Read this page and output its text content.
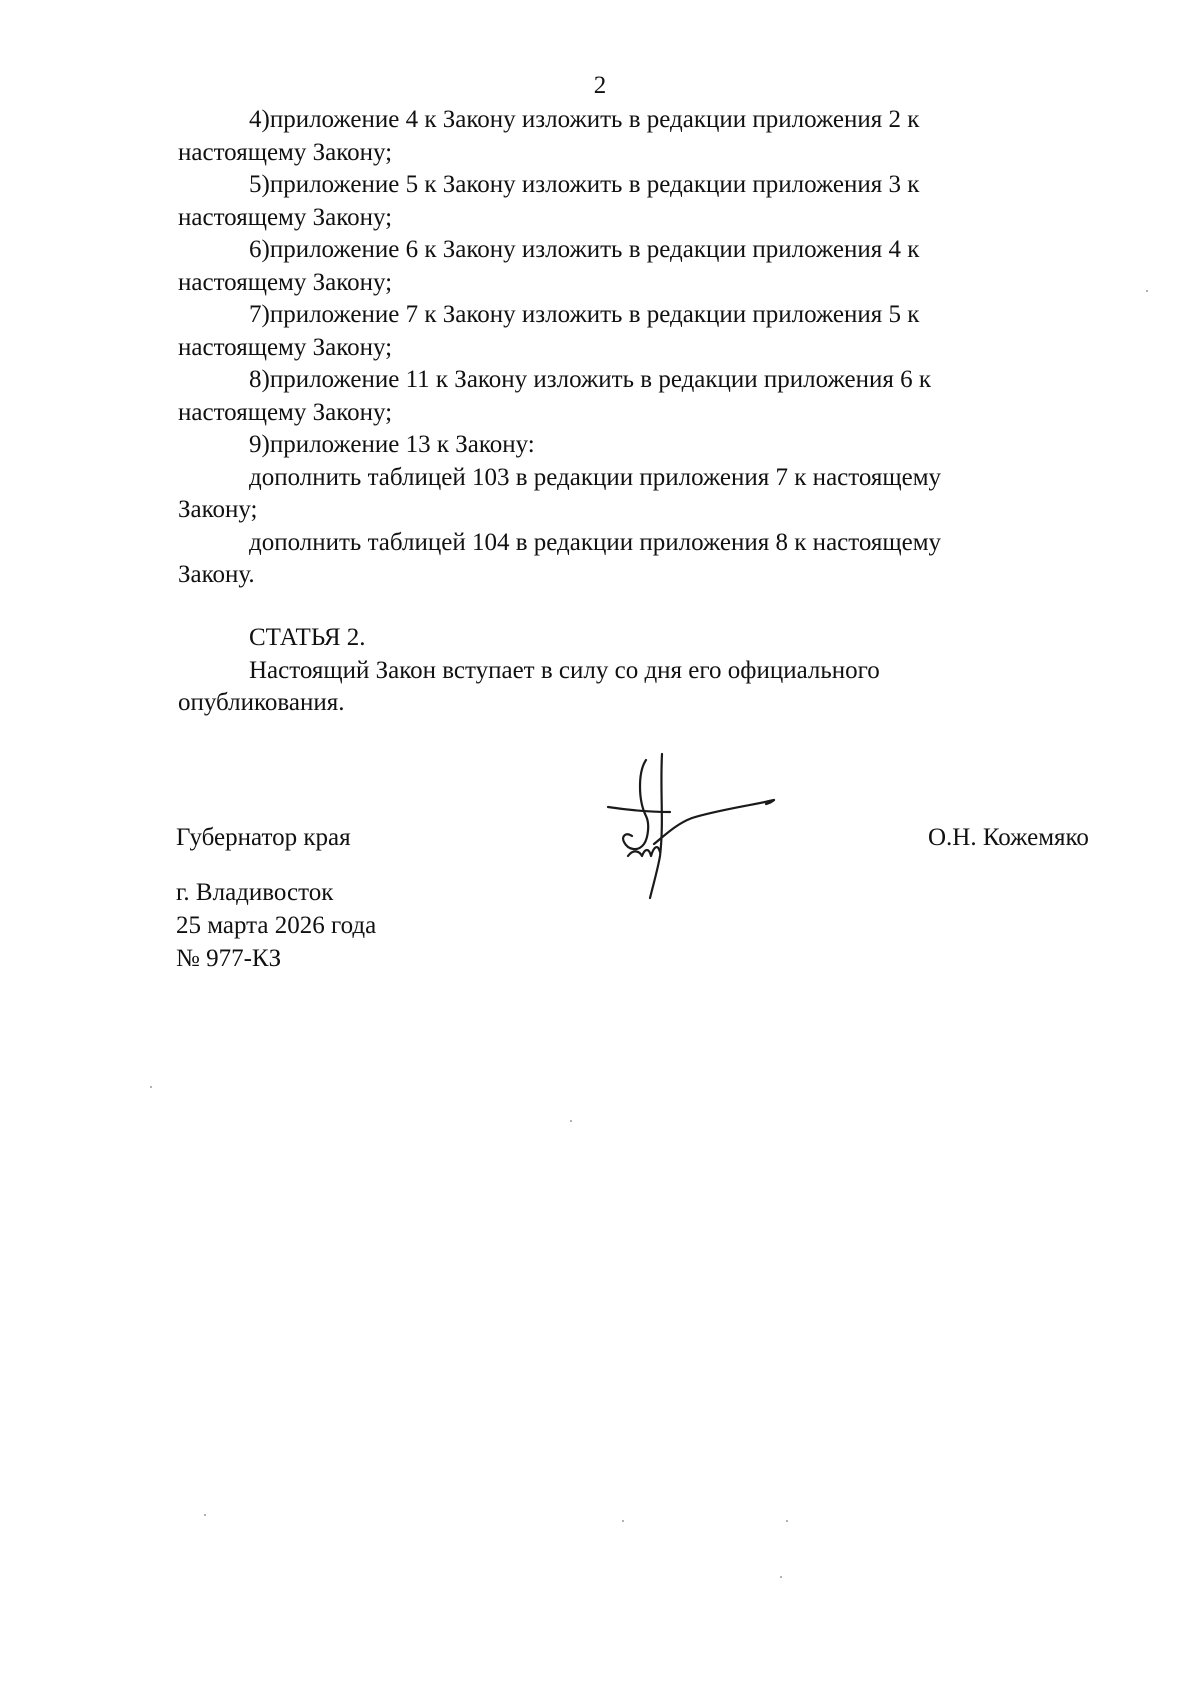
2

4)приложение 4 к Закону изложить в редакции приложения 2 к
настоящему Закону;

5)приложение 5 к Закону изложить в редакции приложения 3 к
настоящему Закону;

6)приложение 6 к Закону изложить в редакции приложения 4 к
настоящему Закону;

7)приложение 7 к Закону изложить в редакции приложения 5 к
настоящему Закону;

8)приложение 11 к Закону изложить в редакции приложения 6 к
настоящему Закону;

9)приложение 13 к Закону:

дополнить таблицей 103 в редакции приложения 7 к настоящему
Закону;

дополнить таблицей 104 в редакции приложения 8 к настоящему
Закону.

СТАТЬЯ 2.

Настоящий Закон вступает в силу со дня его официального
опубликования.

Губернатор края	О.Н. Кожемяко
г. Владивосток
25 марта 2026 года
№ 977-КЗ
